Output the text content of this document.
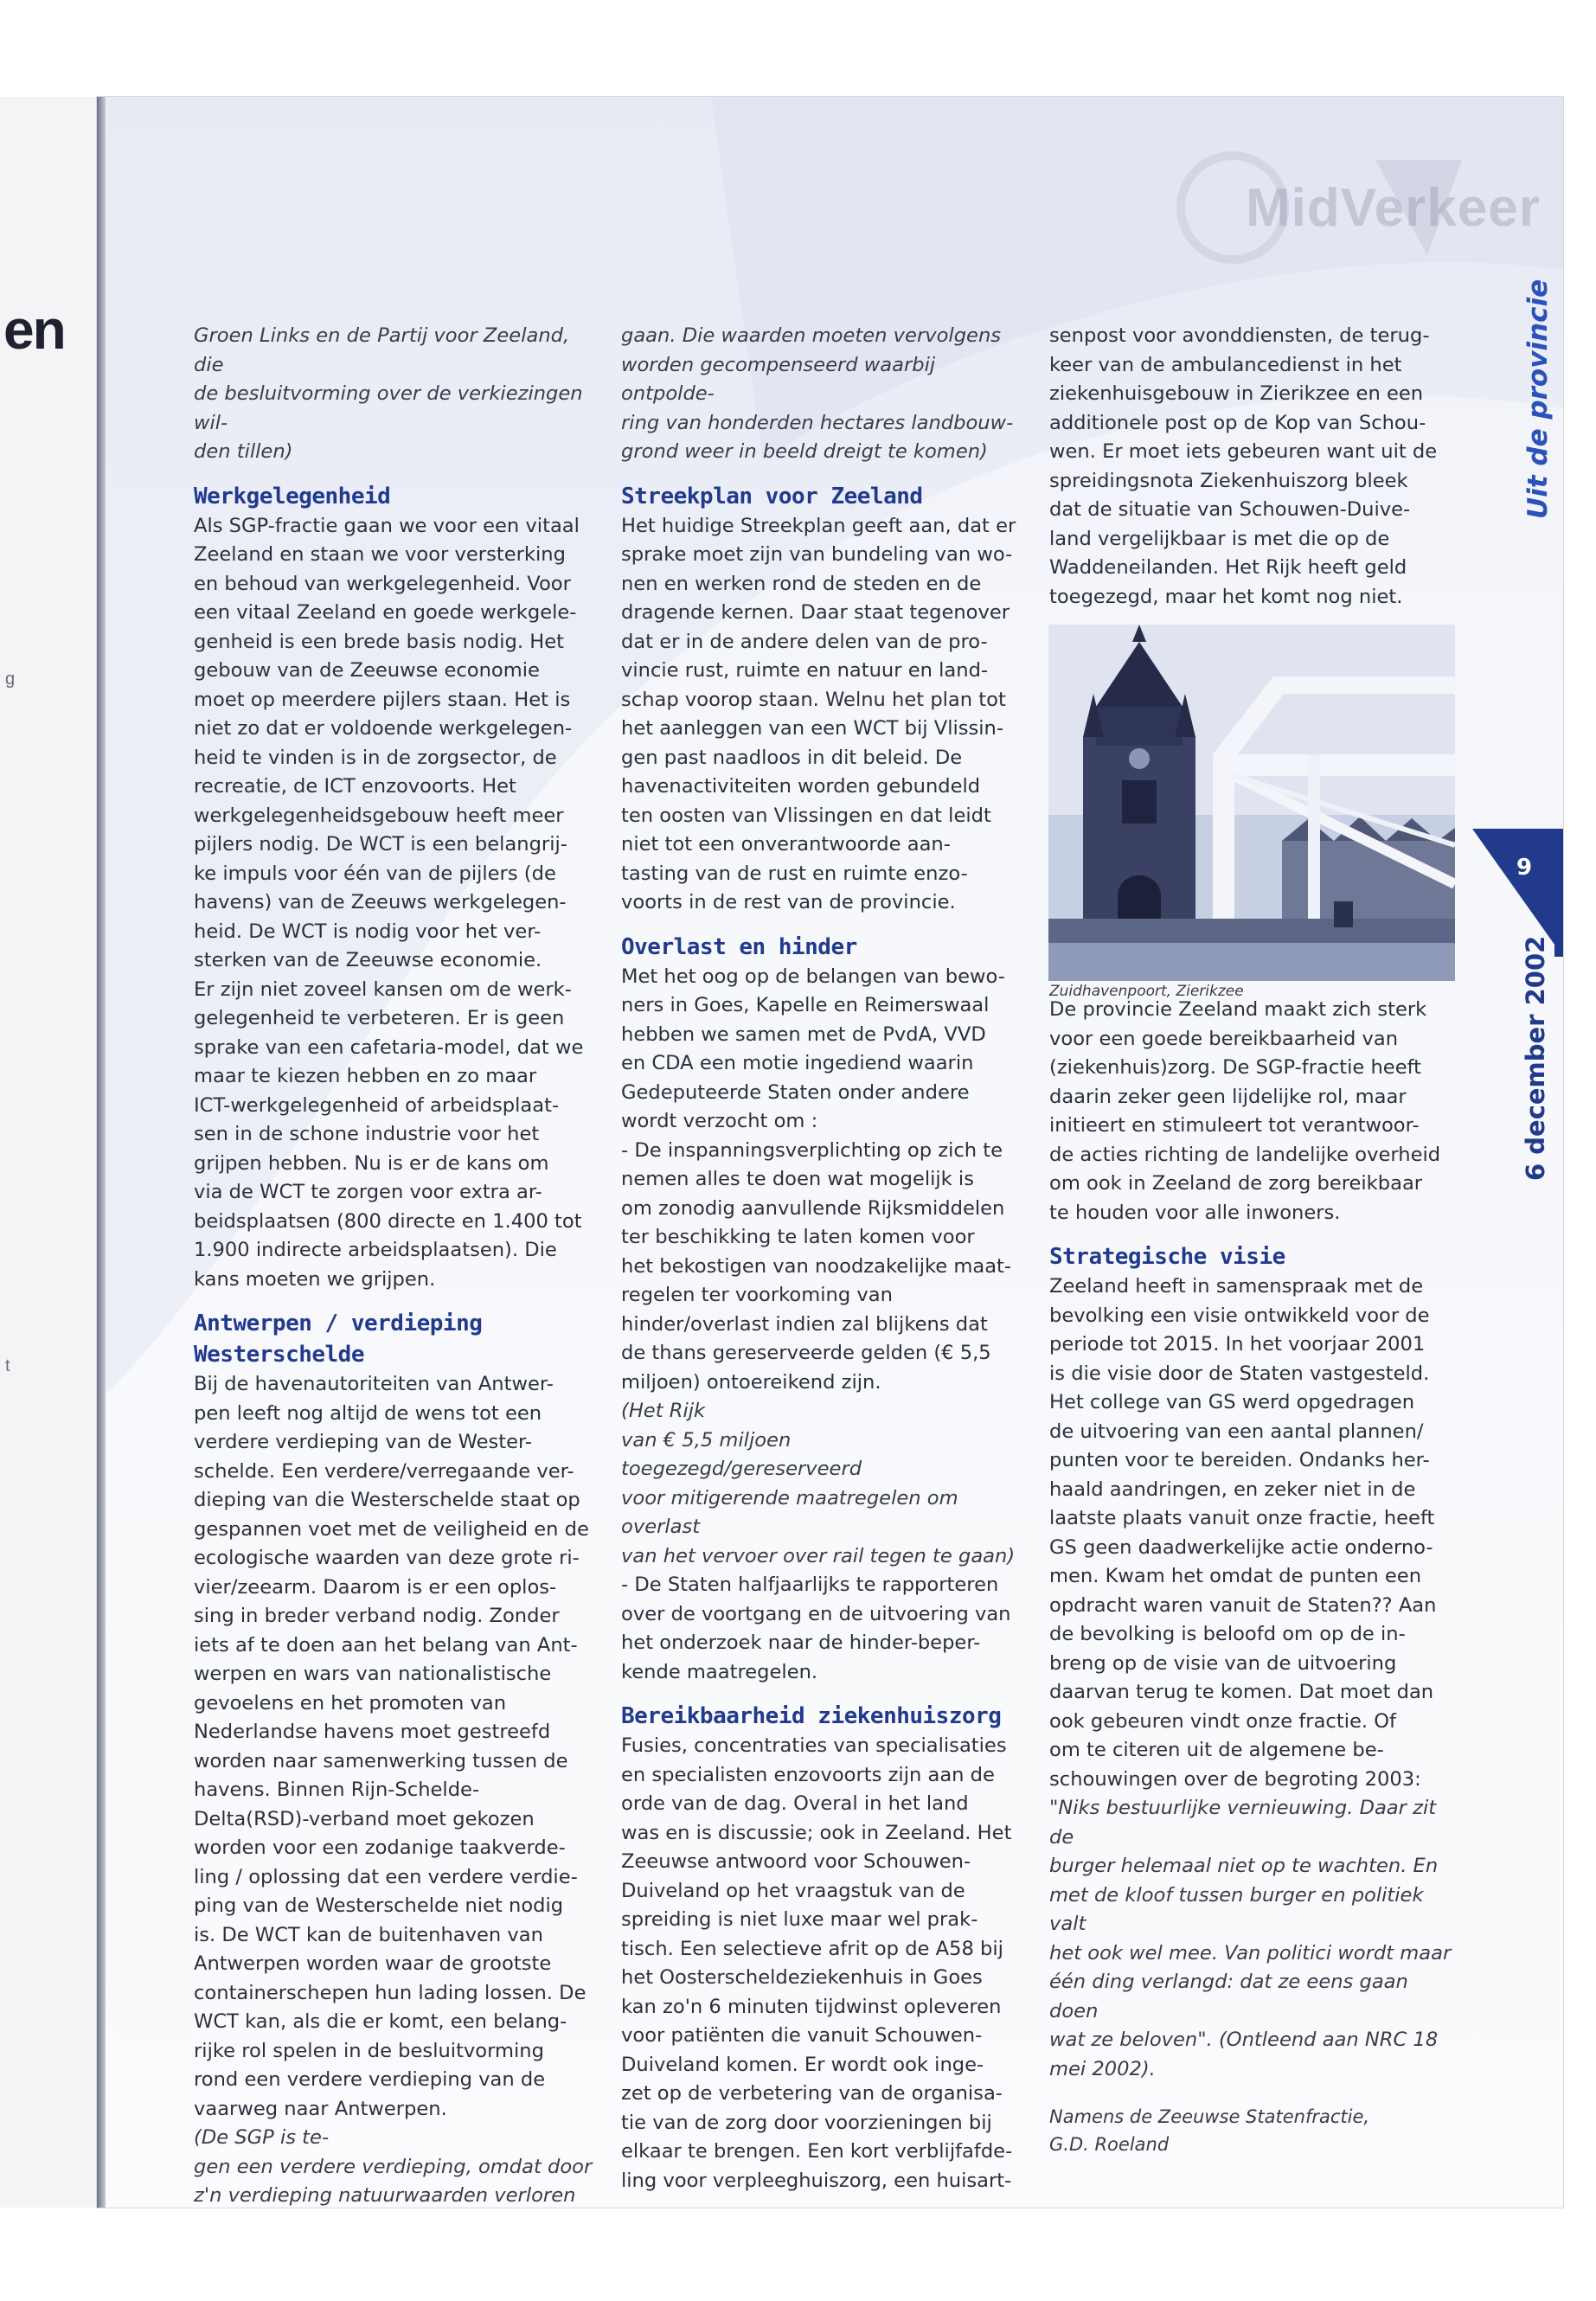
en
g
t
MidVerkeer

Groen Links en de Partij voor Zeeland, die
de besluitvorming over de verkiezingen wil-
den tillen)

Werkgelegenheid

Als SGP-fractie gaan we voor een vitaal
Zeeland en staan we voor versterking
en behoud van werkgelegenheid. Voor
een vitaal Zeeland en goede werkgele-
genheid is een brede basis nodig. Het
gebouw van de Zeeuwse economie
moet op meerdere pijlers staan. Het is
niet zo dat er voldoende werkgelegen-
heid te vinden is in de zorgsector, de
recreatie, de ICT enzovoorts. Het
werkgelegenheidsgebouw heeft meer
pijlers nodig. De WCT is een belangrij-
ke impuls voor één van de pijlers (de
havens) van de Zeeuws werkgelegen-
heid. De WCT is nodig voor het ver-
sterken van de Zeeuwse economie.
Er zijn niet zoveel kansen om de werk-
gelegenheid te verbeteren. Er is geen
sprake van een cafetaria-model, dat we
maar te kiezen hebben en zo maar
ICT-werkgelegenheid of arbeidsplaat-
sen in de schone industrie voor het
grijpen hebben. Nu is er de kans om
via de WCT te zorgen voor extra ar-
beidsplaatsen (800 directe en 1.400 tot
1.900 indirecte arbeidsplaatsen). Die
kans moeten we grijpen.

Antwerpen / verdieping Westerschelde

Bij de havenautoriteiten van Antwer-
pen leeft nog altijd de wens tot een
verdere verdieping van de Wester-
schelde. Een verdere/verregaande ver-
dieping van die Westerschelde staat op
gespannen voet met de veiligheid en de
ecologische waarden van deze grote ri-
vier/zeearm. Daarom is er een oplos-
sing in breder verband nodig. Zonder
iets af te doen aan het belang van Ant-
werpen en wars van nationalistische
gevoelens en het promoten van
Nederlandse havens moet gestreefd
worden naar samenwerking tussen de
havens. Binnen Rijn-Schelde-
Delta(RSD)-verband moet gekozen
worden voor een zodanige taakverde-
ling / oplossing dat een verdere verdie-
ping van de Westerschelde niet nodig
is. De WCT kan de buitenhaven van
Antwerpen worden waar de grootste
containerschepen hun lading lossen. De
WCT kan, als die er komt, een belang-
rijke rol spelen in de besluitvorming
rond een verdere verdieping van de
vaarweg naar Antwerpen.

(De SGP is te-
gen een verdere verdieping, omdat door
z'n verdieping natuurwaarden verloren

gaan. Die waarden moeten vervolgens
worden gecompenseerd waarbij ontpolde-
ring van honderden hectares landbouw-
grond weer in beeld dreigt te komen)

Streekplan voor Zeeland

Het huidige Streekplan geeft aan, dat er
sprake moet zijn van bundeling van wo-
nen en werken rond de steden en de
dragende kernen. Daar staat tegenover
dat er in de andere delen van de pro-
vincie rust, ruimte en natuur en land-
schap voorop staan. Welnu het plan tot
het aanleggen van een WCT bij Vlissin-
gen past naadloos in dit beleid. De
havenactiviteiten worden gebundeld
ten oosten van Vlissingen en dat leidt
niet tot een onverantwoorde aan-
tasting van de rust en ruimte enzo-
voorts in de rest van de provincie.

Overlast en hinder

Met het oog op de belangen van bewo-
ners in Goes, Kapelle en Reimerswaal
hebben we samen met de PvdA, VVD
en CDA een motie ingediend waarin
Gedeputeerde Staten onder andere
wordt verzocht om :
- De inspanningsverplichting op zich te
nemen alles te doen wat mogelijk is
om zonodig aanvullende Rijksmiddelen
ter beschikking te laten komen voor
het bekostigen van noodzakelijke maat-
regelen ter voorkoming van
hinder/overlast indien zal blijkens dat
de thans gereserveerde gelden (€ 5,5
miljoen) ontoereikend zijn.

(Het Rijk
van € 5,5 miljoen toegezegd/gereserveerd
voor mitigerende maatregelen om overlast
van het vervoer over rail tegen te gaan)

- De Staten halfjaarlijks te rapporteren
over de voortgang en de uitvoering van
het onderzoek naar de hinder-beper-
kende maatregelen.

Bereikbaarheid ziekenhuiszorg

Fusies, concentraties van specialisaties
en specialisten enzovoorts zijn aan de
orde van de dag. Overal in het land
was en is discussie; ook in Zeeland. Het
Zeeuwse antwoord voor Schouwen-
Duiveland op het vraagstuk van de
spreiding is niet luxe maar wel prak-
tisch. Een selectieve afrit op de A58 bij
het Oosterscheldeziekenhuis in Goes
kan zo'n 6 minuten tijdwinst opleveren
voor patiënten die vanuit Schouwen-
Duiveland komen. Er wordt ook inge-
zet op de verbetering van de organisa-
tie van de zorg door voorzieningen bij
elkaar te brengen. Een kort verblijfafde-
ling voor verpleeghuiszorg, een huisart-

senpost voor avonddiensten, de terug-
keer van de ambulancedienst in het
ziekenhuisgebouw in Zierikzee en een
additionele post op de Kop van Schou-
wen. Er moet iets gebeuren want uit de
spreidingsnota Ziekenhuiszorg bleek
dat de situatie van Schouwen-Duive-
land vergelijkbaar is met die op de
Waddeneilanden. Het Rijk heeft geld
toegezegd, maar het komt nog niet.

De provincie Zeeland maakt zich sterk
voor een goede bereikbaarheid van
(ziekenhuis)zorg. De SGP-fractie heeft
daarin zeker geen lijdelijke rol, maar
initieert en stimuleert tot verantwoor-
de acties richting de landelijke overheid
om ook in Zeeland de zorg bereikbaar
te houden voor alle inwoners.

Strategische visie

Zeeland heeft in samenspraak met de
bevolking een visie ontwikkeld voor de
periode tot 2015. In het voorjaar 2001
is die visie door de Staten vastgesteld.
Het college van GS werd opgedragen
de uitvoering van een aantal plannen/
punten voor te bereiden. Ondanks her-
haald aandringen, en zeker niet in de
laatste plaats vanuit onze fractie, heeft
GS geen daadwerkelijke actie onderno-
men. Kwam het omdat de punten een
opdracht waren vanuit de Staten?? Aan
de bevolking is beloofd om op de in-
breng op de visie van de uitvoering
daarvan terug te komen. Dat moet dan
ook gebeuren vindt onze fractie. Of
om te citeren uit de algemene be-
schouwingen over de begroting 2003:

"Niks bestuurlijke vernieuwing. Daar zit de
burger helemaal niet op te wachten. En
met de kloof tussen burger en politiek valt
het ook wel mee. Van politici wordt maar
één ding verlangd: dat ze eens gaan doen
wat ze beloven". (Ontleend aan NRC 18
mei 2002).

Namens de Zeeuwse Statenfractie,
G.D. Roeland
Zuidhavenpoort, Zierikzee
Uit de provincie
9
6 december 2002
